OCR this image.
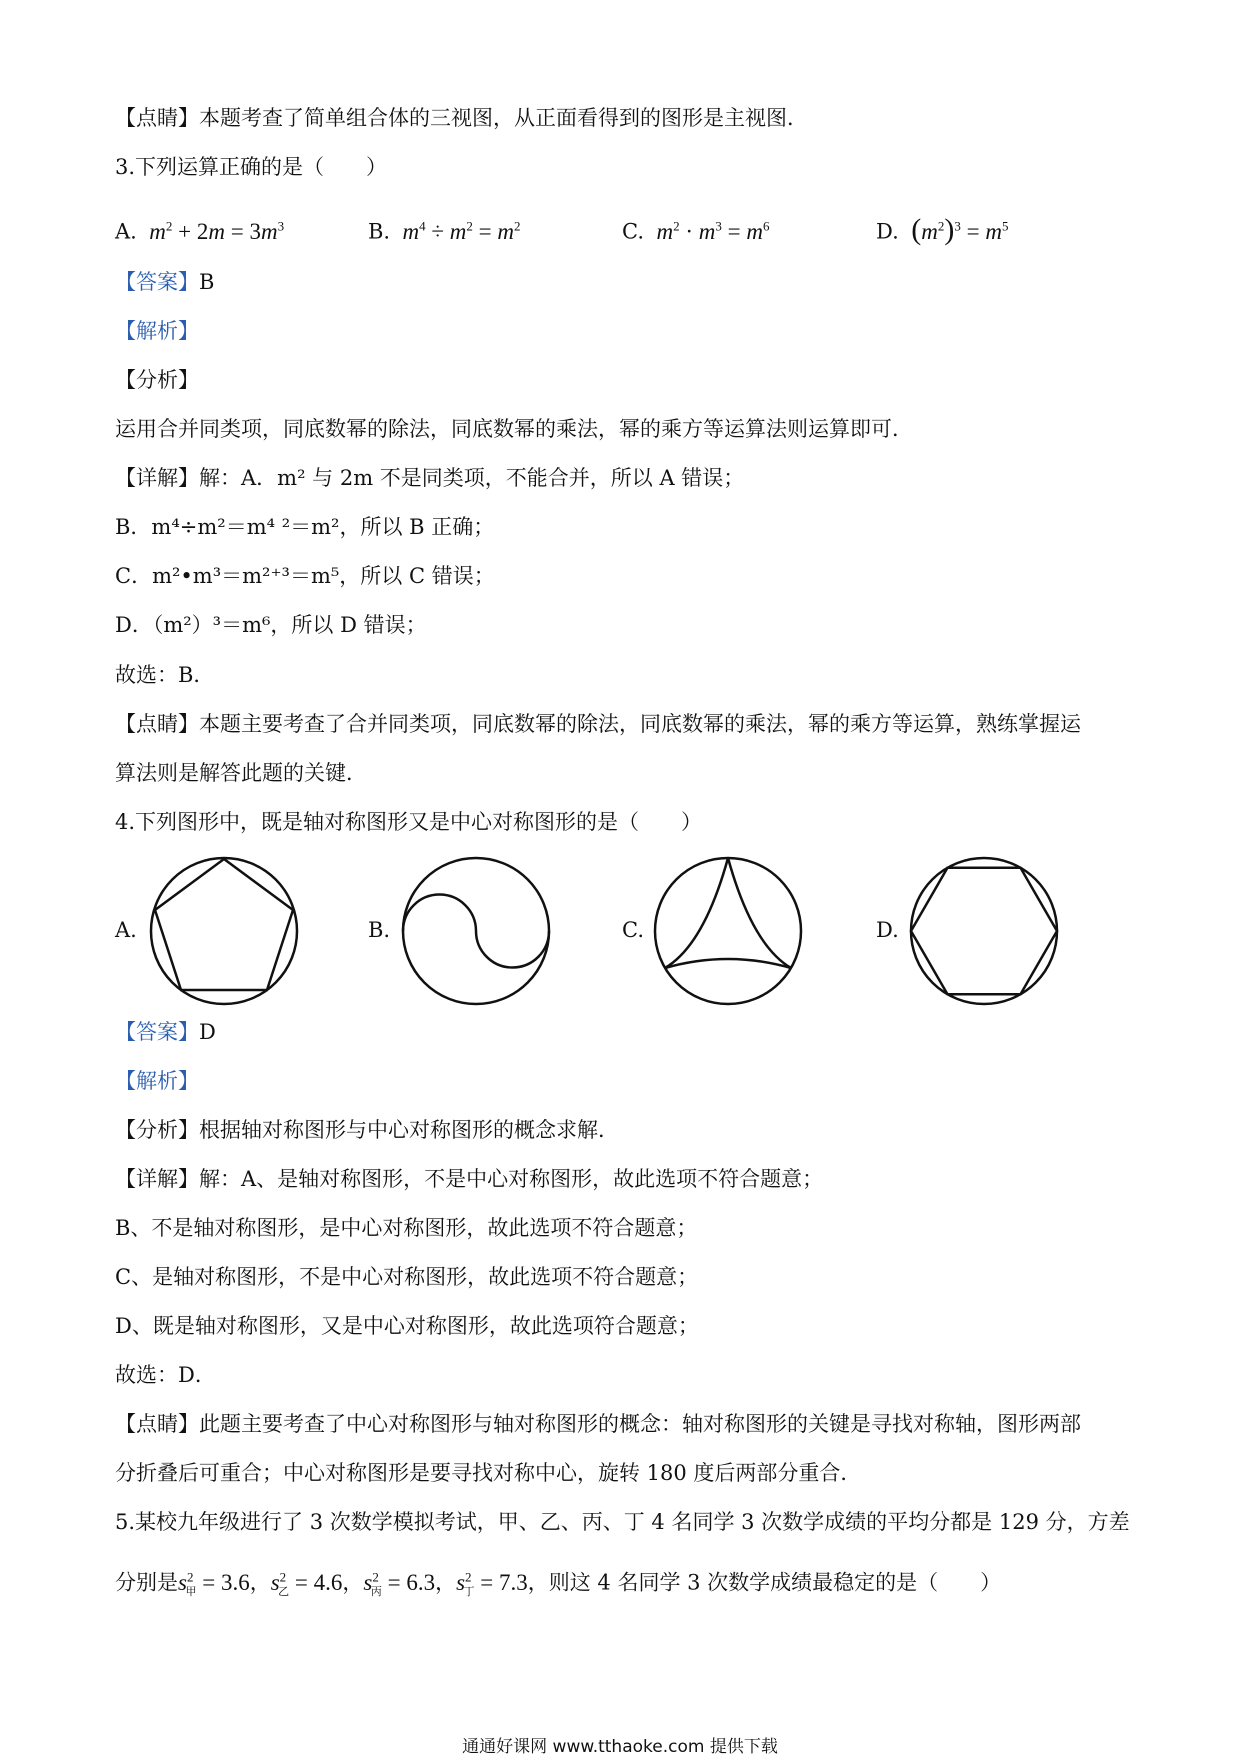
【点睛】本题考查了简单组合体的三视图，从正面看得到的图形是主视图．
3.下列运算正确的是（　　）
A.  $m^2 + 2m = 3m^3$	B.  $m^4 \div m^2 = m^2$	C.  $m^2 \cdot m^3 = m^6$	D. $(m^2)^3 = m^5$
【答案】B
【解析】
【分析】
运用合并同类项，同底数幂的除法，同底数幂的乘法，幂的乘方等运算法则运算即可．
【详解】解：A．m² 与 2m 不是同类项，不能合并，所以 A 错误；
B．m⁴÷m²＝m⁴ ²＝m²，所以 B 正确；
C．m²•m³＝m²⁺³＝m⁵，所以 C 错误；
D．（m²）³＝m⁶，所以 D 错误；
故选：B．
【点睛】本题主要考查了合并同类项，同底数幂的除法，同底数幂的乘法，幂的乘方等运算，熟练掌握运
算法则是解答此题的关键．
4.下列图形中，既是轴对称图形又是中心对称图形的是（　　）
A.	B.	C.	D.
【答案】D
【解析】
【分析】根据轴对称图形与中心对称图形的概念求解．
【详解】解：A、是轴对称图形，不是中心对称图形，故此选项不符合题意；
B、不是轴对称图形，是中心对称图形，故此选项不符合题意；
C、是轴对称图形，不是中心对称图形，故此选项不符合题意；
D、既是轴对称图形，又是中心对称图形，故此选项符合题意；
故选：D．
【点睛】此题主要考查了中心对称图形与轴对称图形的概念：轴对称图形的关键是寻找对称轴，图形两部
分折叠后可重合；中心对称图形是要寻找对称中心，旋转 180 度后两部分重合．
5.某校九年级进行了 3 次数学模拟考试，甲、乙、丙、丁 4 名同学 3 次数学成绩的平均分都是 129 分，方差
分别是$s^2_甲 = 3.6$，$s^2_乙 = 4.6$，$s^2_丙 = 6.3$，$s^2_丁 = 7.3$，则这 4 名同学 3 次数学成绩最稳定的是（　　）
通通好课网 www.tthaoke.com 提供下载
